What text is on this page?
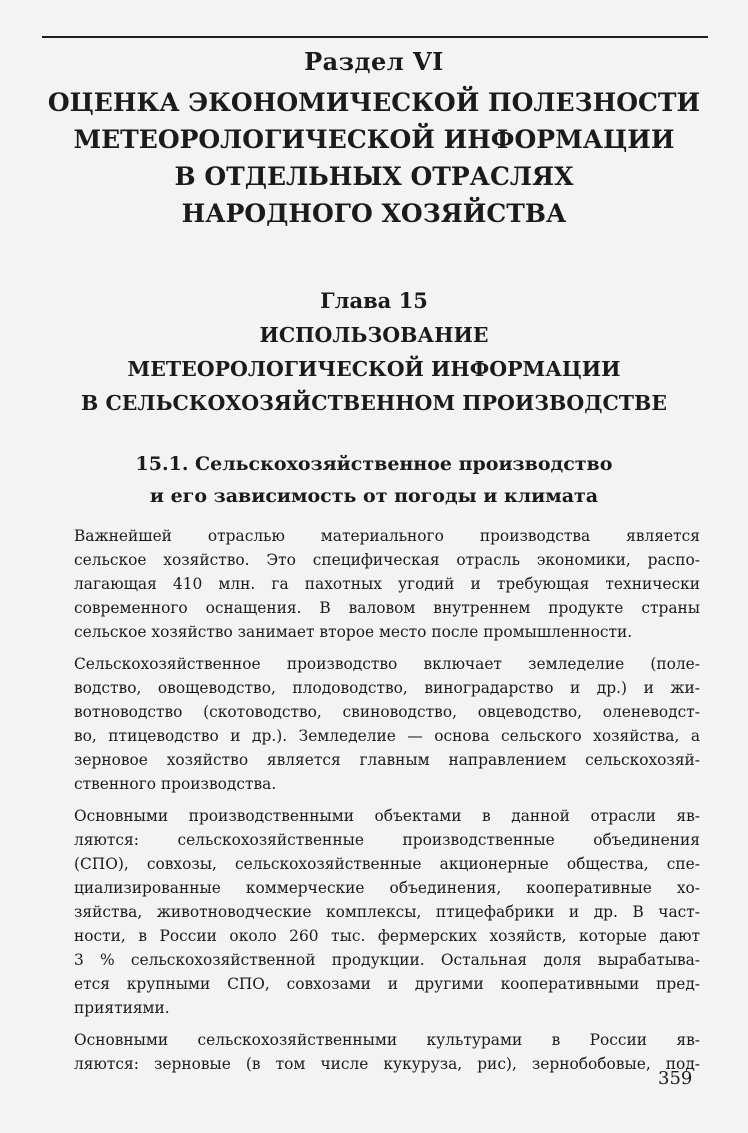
Раздел VI
ОЦЕНКА ЭКОНОМИЧЕСКОЙ ПОЛЕЗНОСТИ
МЕТЕОРОЛОГИЧЕСКОЙ ИНФОРМАЦИИ
В ОТДЕЛЬНЫХ ОТРАСЛЯХ
НАРОДНОГО ХОЗЯЙСТВА
Глава 15
ИСПОЛЬЗОВАНИЕ
МЕТЕОРОЛОГИЧЕСКОЙ ИНФОРМАЦИИ
В СЕЛЬСКОХОЗЯЙСТВЕННОМ ПРОИЗВОДСТВЕ
15.1. Сельскохозяйственное производство
и его зависимость от погоды и климата

Важнейшей отраслью материального производства является
сельское хозяйство. Это специфическая отрасль экономики, распо-
лагающая 410 млн. га пахотных угодий и требующая технически
современного оснащения. В валовом внутреннем продукте страны
сельское хозяйство занимает второе место после промышленности.

Сельскохозяйственное производство включает земледелие (поле-
водство, овощеводство, плодоводство, виноградарство и др.) и жи-
вотноводство (скотоводство, свиноводство, овцеводство, оленеводст-
во, птицеводство и др.). Земледелие — основа сельского хозяйства, а
зерновое хозяйство является главным направлением сельскохозяй-
ственного производства.

Основными производственными объектами в данной отрасли яв-
ляются: сельскохозяйственные производственные объединения
(СПО), совхозы, сельскохозяйственные акционерные общества, спе-
циализированные коммерческие объединения, кооперативные хо-
зяйства, животноводческие комплексы, птицефабрики и др. В част-
ности, в России около 260 тыс. фермерских хозяйств, которые дают
3 % сельскохозяйственной продукции. Остальная доля вырабатыва-
ется крупными СПО, совхозами и другими кооперативными пред-
приятиями.

Основными сельскохозяйственными культурами в России яв-
ляются: зерновые (в том числе кукуруза, рис), зернобобовые, под-

359
